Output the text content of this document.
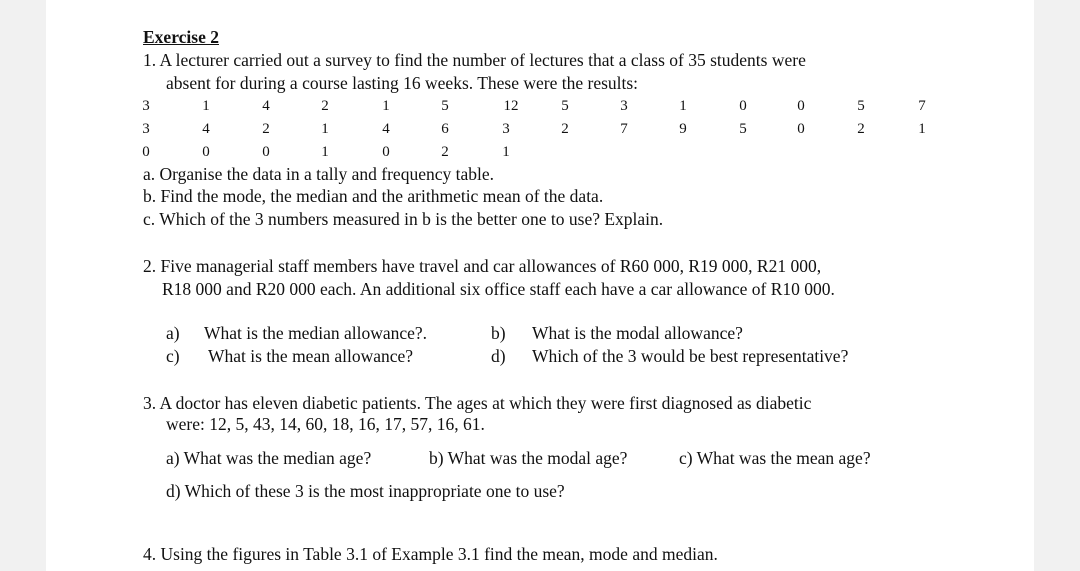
Exercise 2
1. A lecturer carried out a survey to find the number of lectures that a class of 35 students were
absent for during a course lasting 16 weeks. These were the results:
3	1	4	2	1	5	12	5	3	1	0	0	5	7
3	4	2	1	4	6	3	2	7	9	5	0	2	1
0	0	0	1	0	2	1
a. Organise the data in a tally and frequency table.
b. Find the mode, the median and the arithmetic mean of the data.
c. Which of the 3 numbers measured in b is the better one to use? Explain.
2. Five managerial staff members have travel and car allowances of R60 000, R19 000, R21 000,
R18 000 and R20 000 each. An additional six office staff each have a car allowance of R10 000.
a) What is the median allowance?.	b) What is the modal allowance?
c) What is the mean allowance?	d) Which of the 3 would be best representative?
3. A doctor has eleven diabetic patients. The ages at which they were first diagnosed as diabetic
were: 12, 5, 43, 14, 60, 18, 16, 17, 57, 16, 61.
a) What was the median age?	b) What was the modal age?	c) What was the mean age?
d) Which of these 3 is the most inappropriate one to use?
4. Using the figures in Table 3.1 of Example 3.1 find the mean, mode and median.
